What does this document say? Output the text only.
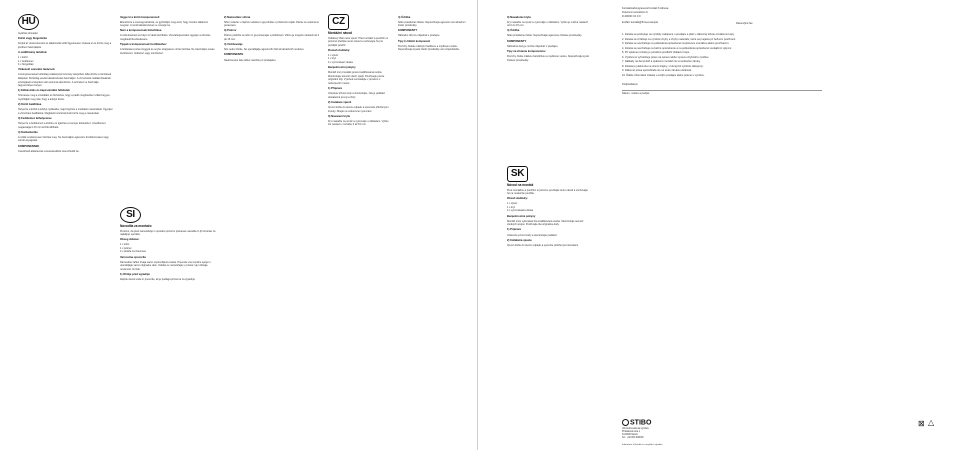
HU

Gyártási útmutató

Kürtő vagy füzgetönke

Kérjük az összeszerelés és alkalmazás előtt figyelmesen olvassa el és őrizze meg a jövőbeni használatra.

A szállítmány tartalma:

1 x kürtő

1 x fedőlemez

4 x füzgetőlap

Vízkezelő szerelési tanácsok

A komponenseket kizárólag szakképzett személy telepítheti. Ellenőrizze a tömítések állapotát. Kizárólag eredeti alkatrészeket használjon. A vízvezeték csatlakozásainak szivárgását a telepítés után azonnal ellenőrizze. A terméket ne használja fagyveszélyes helyen.

1) Előkészítés és kapcsolódási feltételek

Szüntesse meg a vízellátást és biztosítsa, hogy a padló megfelelően szilárd legyen. Győződjön meg róla, hogy a lefolyó tiszta.

2) Kürtő beállítása

Helyezze a kürtőt a lefolyó nyílásába, majd rögzítse a mellékelt csavarokkal. Ügyeljen a vízszintes beállításra. Megfelelő szerszámmal húzza meg a csavarokat.

3) Fedőlemez felhelyezése

Helyezze a fedőlemezt a kürtőre és igazítsa a csempe felületéhez. A fedőlemez magassága 0-15 mm között állítható.

4) Karbantartás

A szitát rendszeresen tisztítsa meg. Ne használjon agresszív tisztítószereket vagy súroló anyagokat.

KOMPONENSEK

Cserélhető alkatrészek a kereskedőnél szerezhetők be.

Vegye ki a kürtő komponenseit

Ellenőrizze a csomag tartalmát, és győződjön meg arról, hogy minden alkatrész megvan. A sérült alkatrészeket ne szerelje be.

Nem a komponensek kitisztítása

A szita kivehető és folyó víz alatt tisztítható. Visszahelyezéskor ügyeljen a tömítés megfelelő illeszkedésére.

Tippek a komponensek tisztításához

A felületeket puha ronggyal és enyhe szappanos vízzel tisztítsa. Ne használjon savas tisztítószert, oldószert vagy súrolószert.

SI

Navodila za montažo

Prosimo, da pred namestitvijo in uporabo pozorno preberete navodila in jih shranite za nadaljnjo uporabo.

Obseg dobave:

1 x sifon

1 x pokrov

4 x plošča za izravnavo

Varnostna opozorila

Namestitev lahko izvaja samo usposobljena oseba. Preverite vse tesnilne spoje in uporabljajte samo originalne dele. Izdelka ne nameščajte v prostor, kjer obstaja nevarnost zmrzali.

1) Ohišje pred vgradnjo

Zaprite dovod vode in preverite, ali je podlaga primerna za vgradnjo.

2) Namestitev sifona

Sifon vstavite v odprtino odtoka in ga pritrdite s priloženimi vijaki. Pazite na vodoravno poravnavo.

3) Pokrov

Pokrov položite na sifon in ga poravnajte s ploščicami. Višino je mogoče nastaviti od 0 do 15 mm.

4) Vzdrževanje

Sito redno čistite. Ne uporabljajte agresivnih čistil ali abrazivnih sredstev.

KOMPONENTE

Nadomestne dele lahko naročite pri prodajalcu.

CZ

Montážní návod

Odtokový žlab nebo vpusť. Před montáží a použitím si pozorně přečtěte tento návod a uschovejte ho pro pozdější použití.

Rozsah dodávky:

1 x vpusť

1 x kryt

4 x vyrovnávací deska

Bezpečnostní pokyny

Montáž smí provádět pouze kvalifikovaná osoba. Zkontrolujte těsnost všech spojů. Používejte pouze originální díly. Výrobek neinstalujte v prostoru s nebezpečím mrazu.

1) Příprava

Uzavřete přívod vody a zkontrolujte, zda je podklad dostatečně pevný a čistý.

2) Instalace vpusti

Vpusť vložte do otvoru odpadu a upevněte přiloženými šrouby. Dbejte na vodorovné vyrovnání.

3) Nasazení krytu

Kryt nasaďte na vpusť a vyrovnejte s obkladem. Výšku lze nastavit v rozsahu 0 až 15 mm.

4) Údržba

Sítko pravidelně čistěte. Nepoužívejte agresivní ani abrazivní čisticí prostředky.

KOMPONENTY

Náhradní díly lze objednat u prodejce.

Tipy k čištění komponent

Povrchy čistěte měkkým hadříkem a mýdlovou vodou. Nepoužívejte kyselé čisticí prostředky ani rozpouštědla.

SK

Návod na montáž

Pred montážou a použitím si pozorne prečítajte tento návod a uschovajte ho na neskoršie použitie.

Obsah dodávky:

1 x vpusť

1 x kryt

4 x vyrovnávacia doska

Bezpečnostné pokyny

Montáž smie vykonávať iba kvalifikovaná osoba. Skontrolujte tesnosť všetkých spojov. Používajte iba originálne diely.

1) Príprava

Uzatvorte prívod vody a skontrolujte podklad.

2) Inštalácia vpuste

Vpusť vložte do otvoru odpadu a upevnite priloženými skrutkami.

3) Nasadenie krytu

Kryt nasaďte na vpusť a vyrovnajte s obkladom. Výšku je možné nastaviť od 0 do 15 mm.

4) Údržba

Sitko pravidelne čistite. Nepoužívajte agresívne čistiace prostriedky.

KOMPONENTY

Náhradné diely je možné objednať u predajcu.

Tipy na čistenie komponentov

Povrchy čistite mäkkou handričkou a mydlovou vodou. Nepoužívajte kyslé čistiace prostriedky.

Kontaktná/kongresová Kontakt 6 Adresa

Telecommunications 6

D-00000 Ort 0.0

E-Mail: kontakt@firma.example	Datum/jiné fax

1. Záruka sa poskytuje na výrobky zakúpené u predajcu a platí v zákonnej lehote od dátumu kúpy.

2. Záruka sa vzťahuje na výrobné chyby a chyby materiálu, ktoré sa prejavia pri bežnom používaní.

3. Záruka sa nevzťahuje na poškodenia spôsobené nesprávnou montážou alebo používaním.

4. Záruka sa nevzťahuje na bežné opotrebenie a na poškodenia spôsobené vonkajšími vplyvmi.

5. Pri uplatnení záruky je potrebné predložiť doklad o kúpe.

6. Výrobca si vyhradzuje právo na opravu alebo výmenu chybného výrobku.

7. Náklady na demontáž a opätovnú montáž nie sú súčasťou záruky.

8. Záruka je platná iba na území krajiny, v ktorej bol výrobok zakúpený.

9. Zákonné práva spotrebiteľa nie sú touto zárukou dotknuté.

10. Ďalšie informácie získate u svojho predajcu alebo priamo u výrobcu.

Podpis/dátum
Dátum, miesto a podpis
STIBO

Obchodná adresa výrobcu

Príkladová ulica 1

D-00000 Mesto

Tel.: +00 000 000000

Informácie o likvidácii a recyklácii výrobku
⊠ △
